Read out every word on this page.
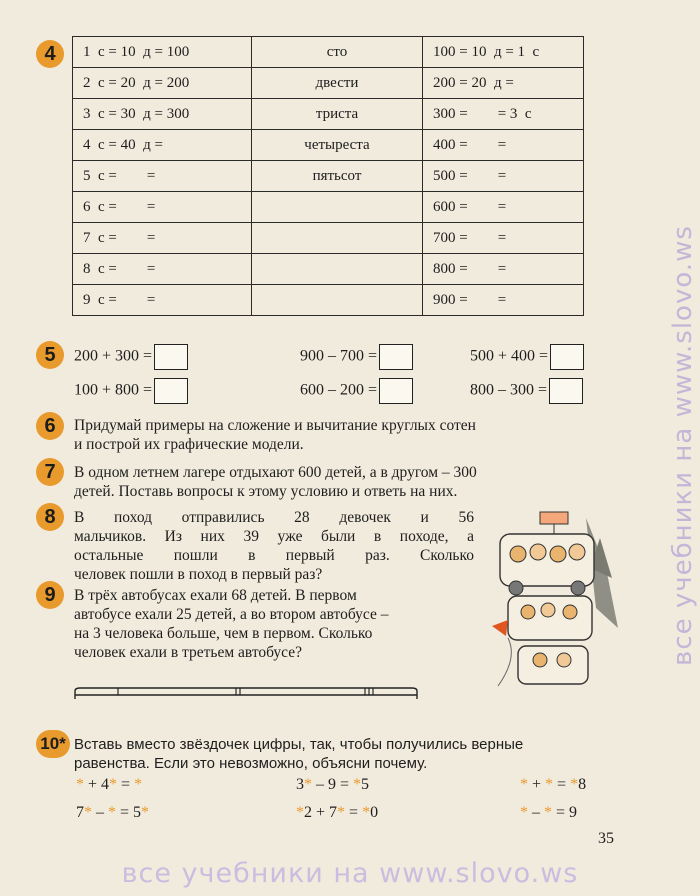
4	1  с = 10  д = 100	сто	100 = 10  д = 1  с
2  с = 20  д = 200	двести	200 = 20  д =
3  с = 30  д = 300	триста	300 =        = 3  с
4  с = 40  д =	четыреста	400 =        =
5  с =        =	пятьсот	500 =        =
6  с =        =		600 =        =
7  с =        =		700 =        =
8  с =        =		800 =        =
9  с =        =		900 =        =
5	200 + 300 =	900 – 700 =	500 + 400 =
100 + 800 =	600 – 200 =	800 – 300 =
6	Придумай примеры на сложение и вычитание круглых сотен
и построй их графические модели.
7	В одном летнем лагере отдыхают 600 детей, а в другом – 300
детей. Поставь вопросы к этому условию и ответь на них.
8	В поход отправились 28 девочек и 56
мальчиков. Из них 39 уже были в походе, а
остальные пошли в первый раз. Сколько
человек пошли в поход в первый раз?
9	В трёх автобусах ехали 68 детей. В первом
автобусе ехали 25 детей, а во втором автобусе –
на 3 человека больше, чем в первом. Сколько
человек ехали в третьем автобусе?
I	II	III
10* Вставь вместо звёздочек цифры, так, чтобы получились верные
равенства. Если это невозможно, объясни почему.
* + 4* = *	3* – 9 = *5	* + * = *8
7* – * = 5*	*2 + 7* = *0	* – * = 9
35
все учебники на www.slovo.ws
все учебники на www.slovo.ws
